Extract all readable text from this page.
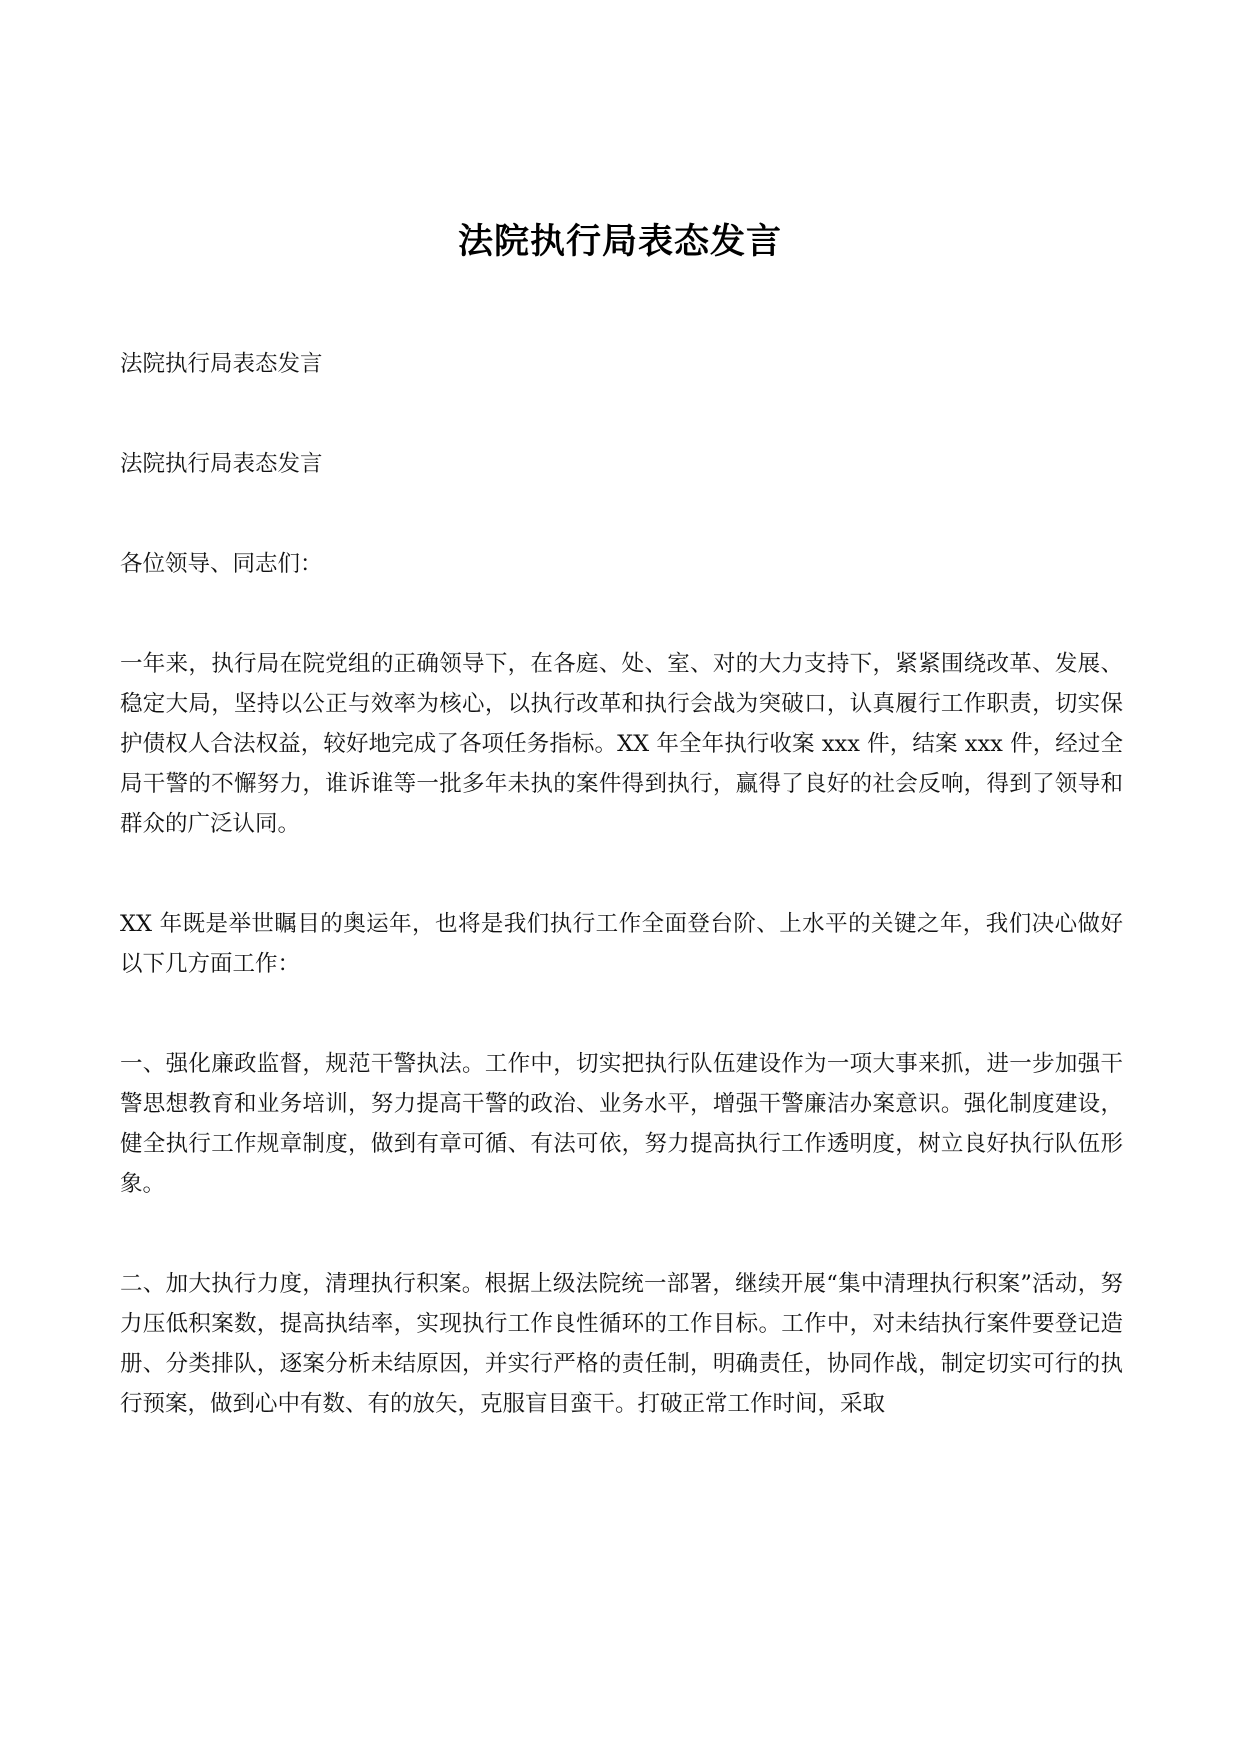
法院执行局表态发言

法院执行局表态发言

法院执行局表态发言

各位领导、同志们：

一年来，执行局在院党组的正确领导下，在各庭、处、室、对的大力支持下，紧紧围绕改革、发展、稳定大局，坚持以公正与效率为核心，以执行改革和执行会战为突破口，认真履行工作职责，切实保护债权人合法权益，较好地完成了各项任务指标。XX 年全年执行收案 xxx 件，结案 xxx 件，经过全局干警的不懈努力，谁诉谁等一批多年未执的案件得到执行，赢得了良好的社会反响，得到了领导和群众的广泛认同。

XX 年既是举世瞩目的奥运年，也将是我们执行工作全面登台阶、上水平的关键之年，我们决心做好以下几方面工作：

一、强化廉政监督，规范干警执法。工作中，切实把执行队伍建设作为一项大事来抓，进一步加强干警思想教育和业务培训，努力提高干警的政治、业务水平，增强干警廉洁办案意识。强化制度建设，健全执行工作规章制度，做到有章可循、有法可依，努力提高执行工作透明度，树立良好执行队伍形象。

二、加大执行力度，清理执行积案。根据上级法院统一部署，继续开展“集中清理执行积案”活动，努力压低积案数，提高执结率，实现执行工作良性循环的工作目标。工作中，对未结执行案件要登记造册、分类排队，逐案分析未结原因，并实行严格的责任制，明确责任，协同作战，制定切实可行的执行预案，做到心中有数、有的放矢，克服盲目蛮干。打破正常工作时间，采取
